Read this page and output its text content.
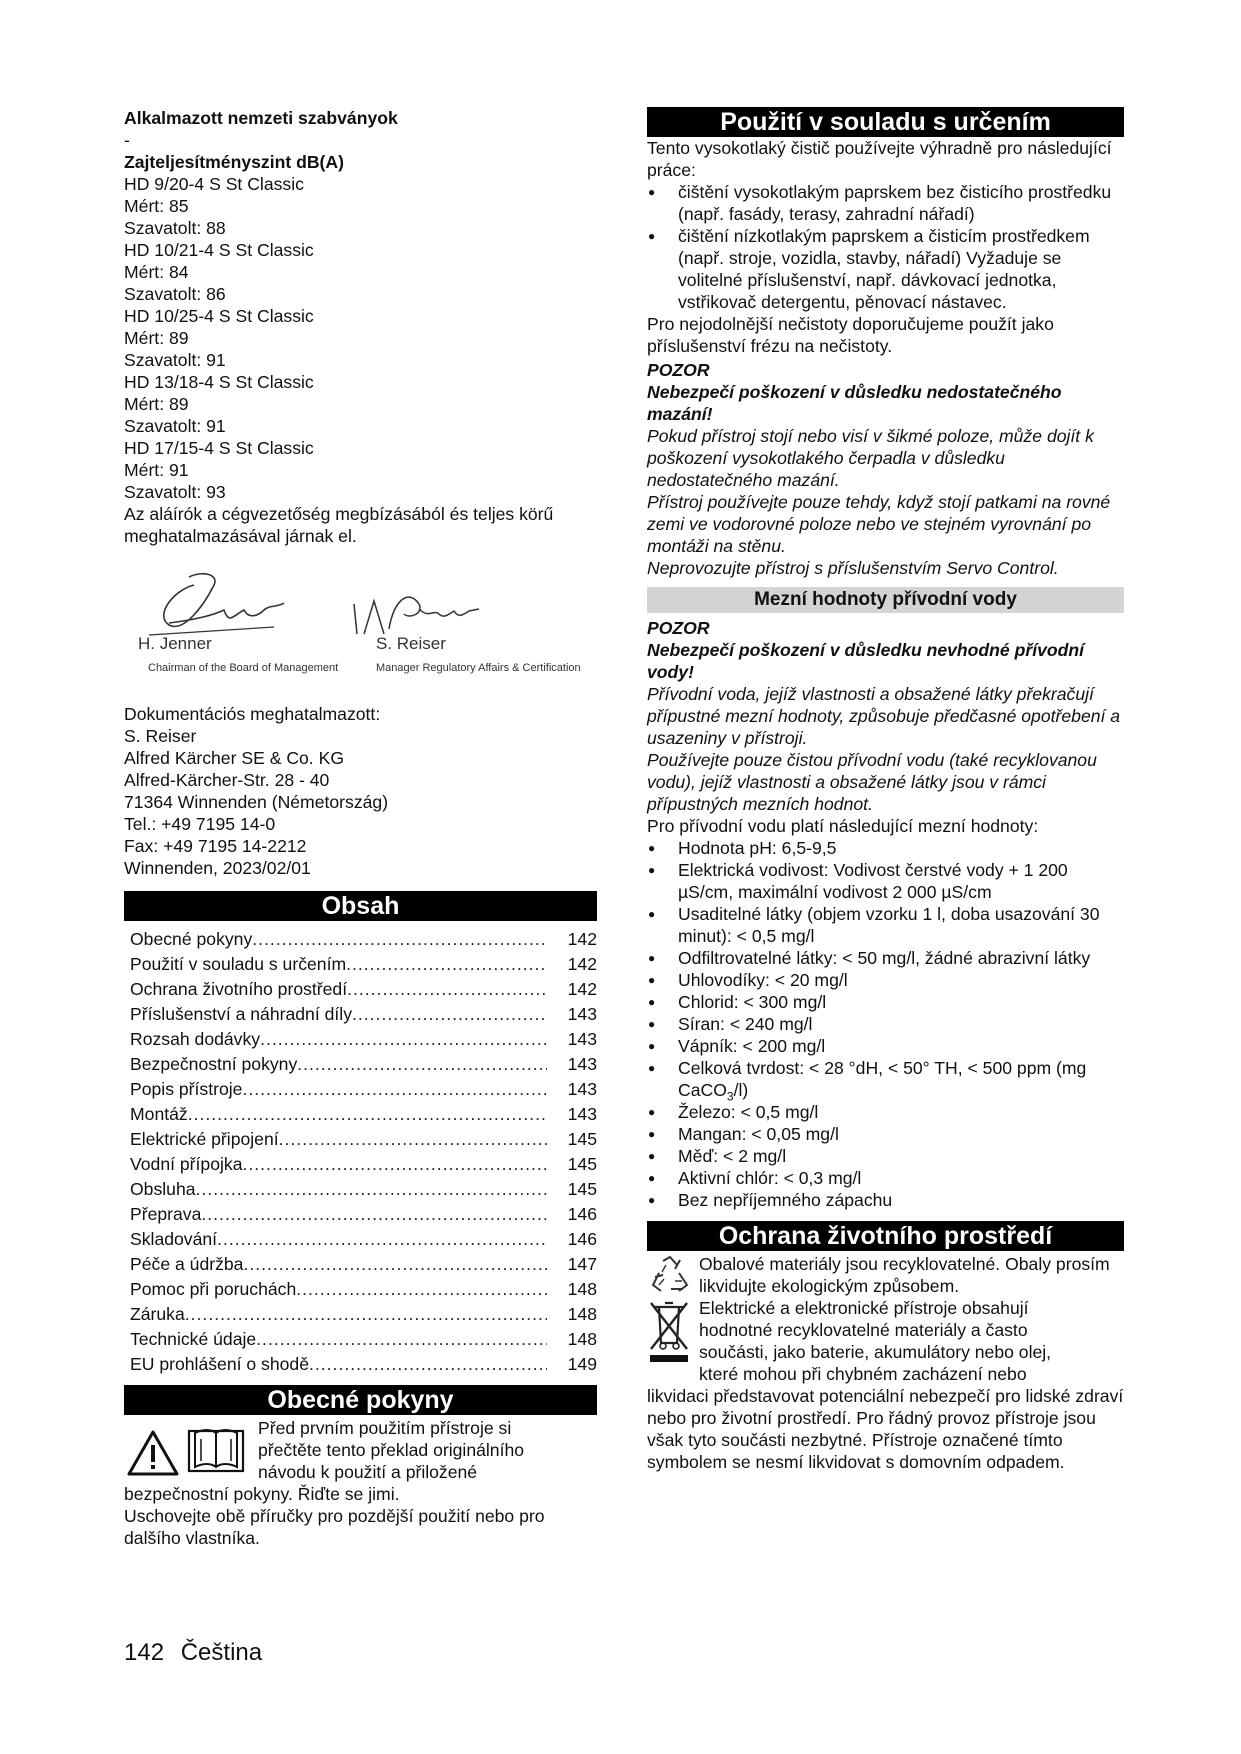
Alkalmazott nemzeti szabványok
-
Zajteljesítményszint dB(A)
HD 9/20-4 S St Classic
Mért: 85
Szavatolt: 88
HD 10/21-4 S St Classic
Mért: 84
Szavatolt: 86
HD 10/25-4 S St Classic
Mért: 89
Szavatolt: 91
HD 13/18-4 S St Classic
Mért: 89
Szavatolt: 91
HD 17/15-4 S St Classic
Mért: 91
Szavatolt: 93
Az aláírók a cégvezetőség megbízásából és teljes körű meghatalmazásával járnak el.
H. Jenner
Chairman of the Board of Management
S. Reiser
Manager Regulatory Affairs & Certification
Dokumentációs meghatalmazott:
S. Reiser
Alfred Kärcher SE & Co. KG
Alfred-Kärcher-Str. 28 - 40
71364 Winnenden (Németország)
Tel.: +49 7195 14-0
Fax: +49 7195 14-2212
Winnenden, 2023/02/01
Obsah
Obecné pokyny .....	142
Použití v souladu s určením .....	142
Ochrana životního prostředí .....	142
Příslušenství a náhradní díly .....	143
Rozsah dodávky .....	143
Bezpečnostní pokyny .....	143
Popis přístroje .....	143
Montáž .....	143
Elektrické připojení .....	145
Vodní přípojka .....	145
Obsluha .....	145
Přeprava .....	146
Skladování .....	146
Péče a údržba .....	147
Pomoc při poruchách .....	148
Záruka .....	148
Technické údaje .....	148
EU prohlášení o shodě .....	149
Obecné pokyny
Před prvním použitím přístroje si
přečtěte tento překlad originálního
návodu k použití a přiložené
bezpečnostní pokyny. Řiďte se jimi.
Uschovejte obě příručky pro pozdější použití nebo pro dalšího vlastníka.
Použití v souladu s určením
Tento vysokotlaký čistič používejte výhradně pro následující práce:
● čištění vysokotlakým paprskem bez čisticího prostředku (např. fasády, terasy, zahradní nářadí)
● čištění nízkotlakým paprskem a čisticím prostředkem (např. stroje, vozidla, stavby, nářadí) Vyžaduje se volitelné příslušenství, např. dávkovací jednotka, vstřikovač detergentu, pěnovací nástavec.
Pro nejodolnější nečistoty doporučujeme použít jako příslušenství frézu na nečistoty.
POZOR
Nebezpečí poškození v důsledku nedostatečného mazání!
Pokud přístroj stojí nebo visí v šikmé poloze, může dojít k poškození vysokotlakého čerpadla v důsledku nedostatečného mazání.
Přístroj používejte pouze tehdy, když stojí patkami na rovné zemi ve vodorovné poloze nebo ve stejném vyrovnání po montáži na stěnu.
Neprovozujte přístroj s příslušenstvím Servo Control.
Mezní hodnoty přívodní vody
POZOR
Nebezpečí poškození v důsledku nevhodné přívodní vody!
Přívodní voda, jejíž vlastnosti a obsažené látky překračují přípustné mezní hodnoty, způsobuje předčasné opotřebení a usazeniny v přístroji.
Používejte pouze čistou přívodní vodu (také recyklovanou vodu), jejíž vlastnosti a obsažené látky jsou v rámci přípustných mezních hodnot.
Pro přívodní vodu platí následující mezní hodnoty:
● Hodnota pH: 6,5-9,5
● Elektrická vodivost: Vodivost čerstvé vody + 1 200 µS/cm, maximální vodivost 2 000 µS/cm
● Usaditelné látky (objem vzorku 1 l, doba usazování 30 minut): < 0,5 mg/l
● Odfiltrovatelné látky: < 50 mg/l, žádné abrazivní látky
● Uhlovodíky: < 20 mg/l
● Chlorid: < 300 mg/l
● Síran: < 240 mg/l
● Vápník: < 200 mg/l
● Celková tvrdost: < 28 °dH, < 50° TH, < 500 ppm (mg CaCO$_3$/l)
● Železo: < 0,5 mg/l
● Mangan: < 0,05 mg/l
● Měď: < 2 mg/l
● Aktivní chlór: < 0,3 mg/l
● Bez nepříjemného zápachu
Ochrana životního prostředí
Obalové materiály jsou recyklovatelné. Obaly prosím likvidujte ekologickým způsobem.
Elektrické a elektronické přístroje obsahují
hodnotné recyklovatelné materiály a často
součásti, jako baterie, akumulátory nebo olej,
které mohou při chybném zacházení nebo
likvidaci představovat potenciální nebezpečí pro lidské zdraví nebo pro životní prostředí. Pro řádný provoz přístroje jsou však tyto součásti nezbytné. Přístroje označené tímto symbolem se nesmí likvidovat s domovním odpadem.
142 Čeština
